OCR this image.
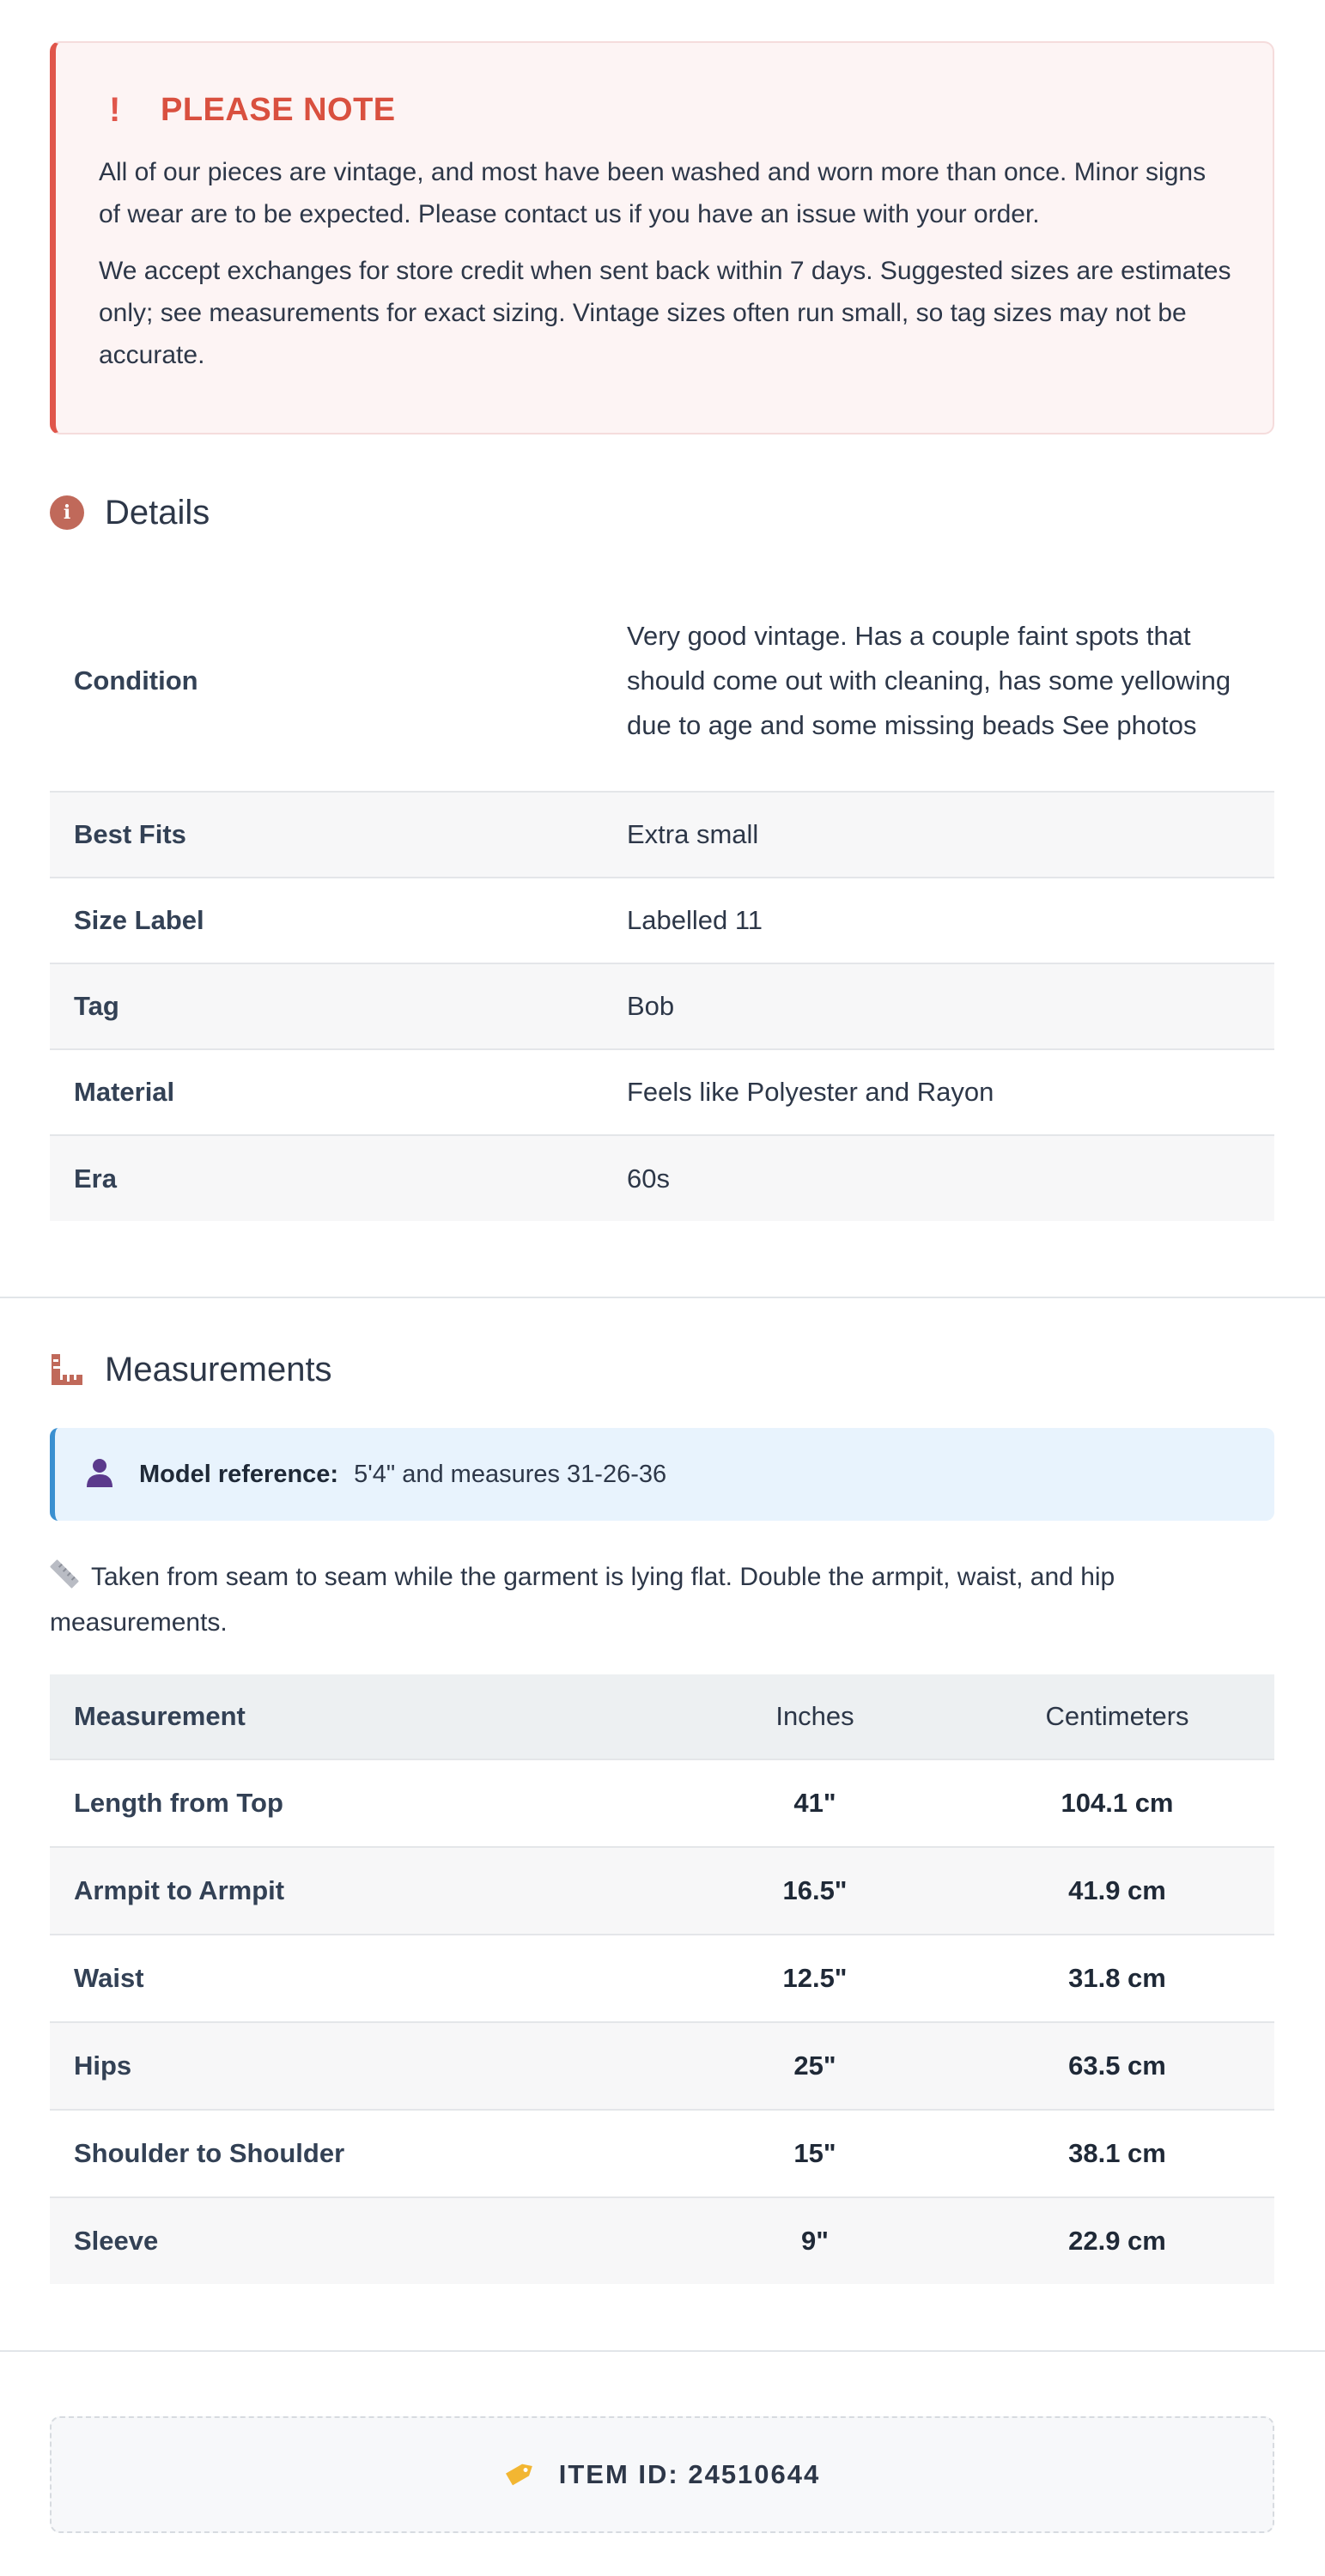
!	PLEASE NOTE

All of our pieces are vintage, and most have been washed and worn more than once. Minor signs of wear are to be expected. Please contact us if you have an issue with your order.

We accept exchanges for store credit when sent back within 7 days. Suggested sizes are estimates only; see measurements for exact sizing. Vintage sizes often run small, so tag sizes may not be accurate.

i Details
Condition	Very good vintage. Has a couple faint spots that should come out with cleaning, has some yellowing due to age and some missing beads See photos
Best Fits	Extra small
Size Label	Labelled 11
Tag	Bob
Material	Feels like Polyester and Rayon
Era	60s
Measurements
Model reference: 5'4" and measures 31-26-36
Taken from seam to seam while the garment is lying flat. Double the armpit, waist, and hip measurements.
Measurement	Inches	Centimeters
Length from Top	41"	104.1 cm
Armpit to Armpit	16.5"	41.9 cm
Waist	12.5"	31.8 cm
Hips	25"	63.5 cm
Shoulder to Shoulder	15"	38.1 cm
Sleeve	9"	22.9 cm
ITEM ID: 24510644
